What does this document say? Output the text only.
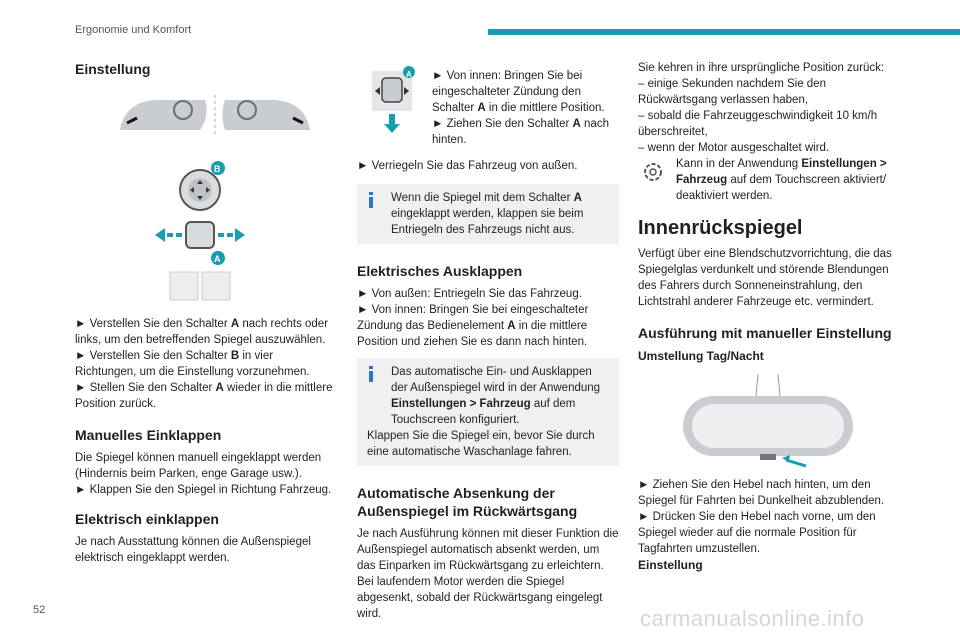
Ergonomie und Komfort
Einstellung
B
A

► Verstellen Sie den Schalter A nach rechts oder links, um den betreffenden Spiegel auszuwählen.
► Verstellen Sie den Schalter B in vier Richtungen, um die Einstellung vorzunehmen.
► Stellen Sie den Schalter A wieder in die mittlere Position zurück.

Manuelles Einklappen

Die Spiegel können manuell eingeklappt werden (Hindernis beim Parken, enge Garage usw.).
► Klappen Sie den Spiegel in Richtung Fahrzeug.

Elektrisch einklappen

Je nach Ausstattung können die Außenspiegel elektrisch eingeklappt werden.

A ► Von innen: Bringen Sie bei eingeschalteter Zündung den Schalter A in die mittlere Position.
► Ziehen Sie den Schalter A nach hinten.

► Verriegeln Sie das Fahrzeug von außen.

Wenn die Spiegel mit dem Schalter A eingeklappt werden, klappen sie beim Entriegeln des Fahrzeugs nicht aus.

Elektrisches Ausklappen

► Von außen: Entriegeln Sie das Fahrzeug.
► Von innen: Bringen Sie bei eingeschalteter Zündung das Bedienelement A in die mittlere Position und ziehen Sie es dann nach hinten.

Das automatische Ein- und Ausklappen der Außenspiegel wird in der Anwendung Einstellungen > Fahrzeug auf dem Touchscreen konfiguriert.

Klappen Sie die Spiegel ein, bevor Sie durch eine automatische Waschanlage fahren.

Automatische Absenkung der Außenspiegel im Rückwärtsgang

Je nach Ausführung können mit dieser Funktion die Außenspiegel automatisch absenkt werden, um das Einparken im Rückwärtsgang zu erleichtern.
Bei laufendem Motor werden die Spiegel abgesenkt, sobald der Rückwärtsgang eingelegt wird.

Sie kehren in ihre ursprüngliche Position zurück:
– einige Sekunden nachdem Sie den Rückwärtsgang verlassen haben,
– sobald die Fahrzeuggeschwindigkeit 10 km/h überschreitet,
– wenn der Motor ausgeschaltet wird.

Kann in der Anwendung Einstellungen > Fahrzeug auf dem Touchscreen aktiviert/ deaktiviert werden.

Innenrückspiegel

Verfügt über eine Blendschutzvorrichtung, die das Spiegelglas verdunkelt und störende Blendungen des Fahrers durch Sonneneinstrahlung, den Lichtstrahl anderer Fahrzeuge etc. vermindert.

Ausführung mit manueller Einstellung
Umstellung Tag/Nacht

► Ziehen Sie den Hebel nach hinten, um den Spiegel für Fahrten bei Dunkelheit abzublenden.
► Drücken Sie den Hebel nach vorne, um den Spiegel wieder auf die normale Position für Tagfahrten umzustellen.

Einstellung
52	carmanualsonline.info
